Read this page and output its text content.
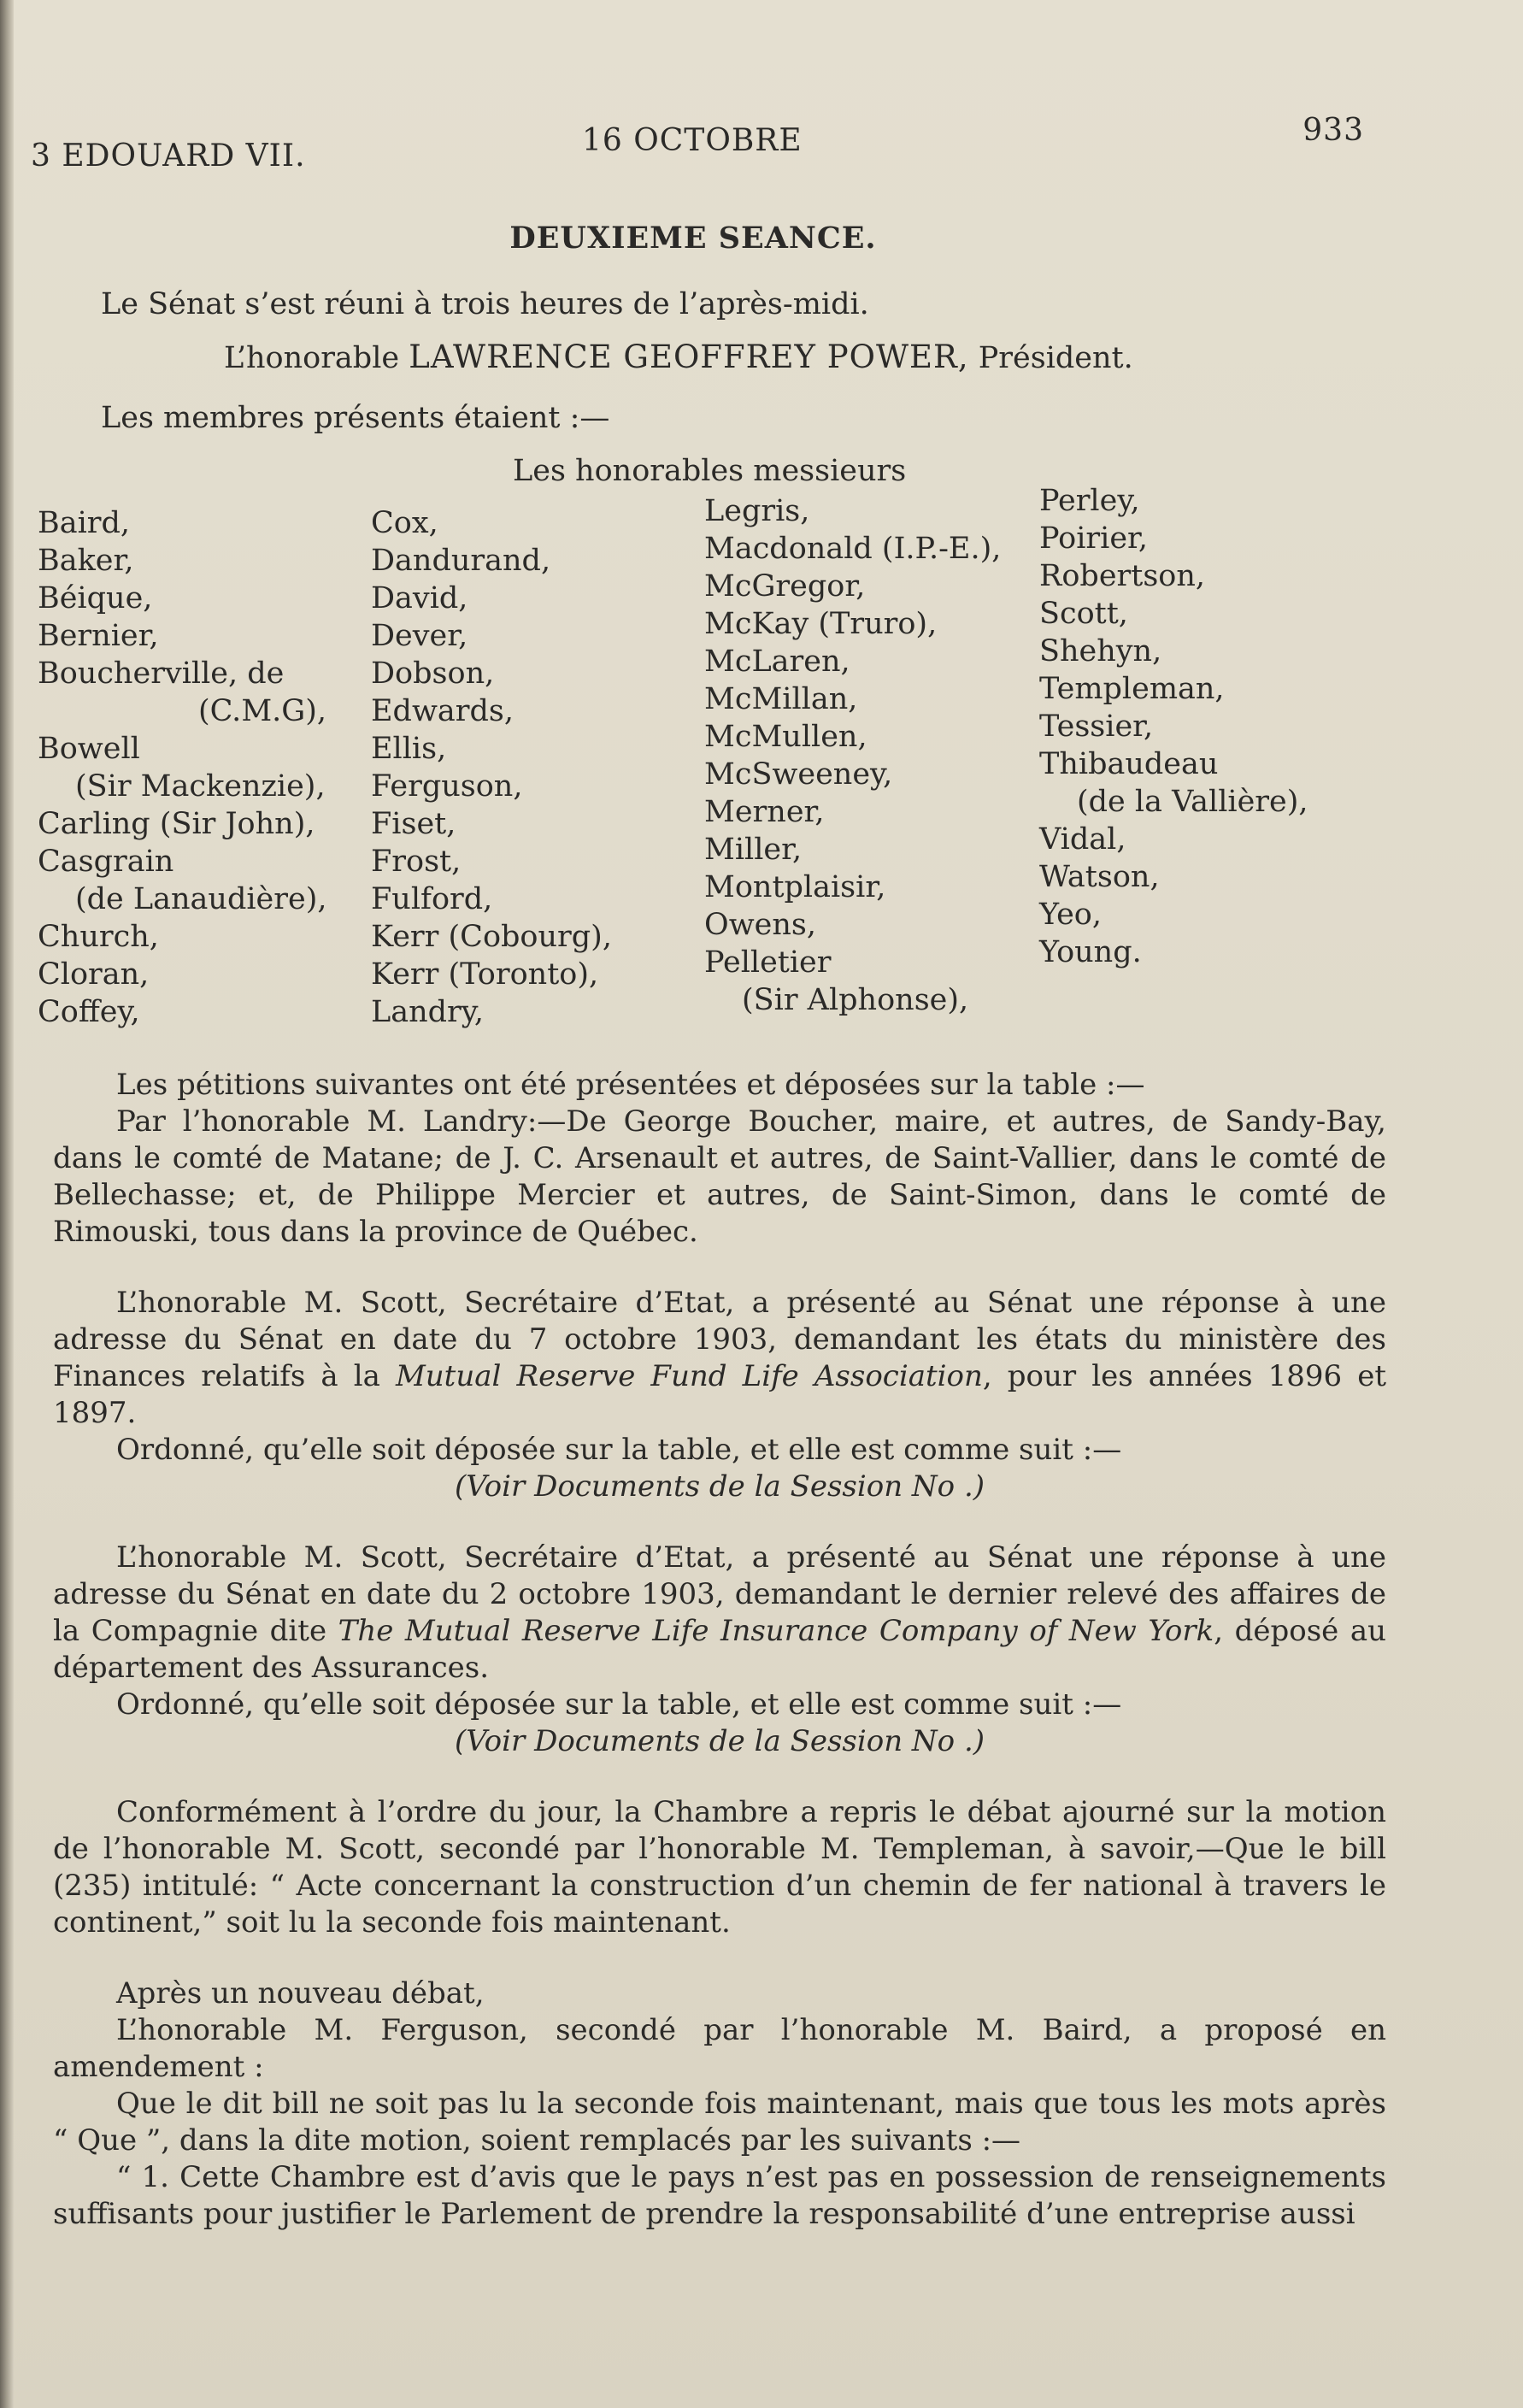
3 EDOUARD VII.	16 OCTOBRE	933
DEUXIEME SEANCE.
Le Sénat s’est réuni à trois heures de l’après-midi.
L’honorable LAWRENCE GEOFFREY POWER, Président.
Les membres présents étaient :—
Les honorables messieurs
Baird,
Baker,
Béique,
Bernier,
Boucherville, de
(C.M.G),
Bowell
(Sir Mackenzie),
Carling (Sir John),
Casgrain
(de Lanaudière),
Church,
Cloran,
Coffey,
Cox,
Dandurand,
David,
Dever,
Dobson,
Edwards,
Ellis,
Ferguson,
Fiset,
Frost,
Fulford,
Kerr (Cobourg),
Kerr (Toronto),
Landry,
Legris,
Macdonald (I.P.-E.),
McGregor,
McKay (Truro),
McLaren,
McMillan,
McMullen,
McSweeney,
Merner,
Miller,
Montplaisir,
Owens,
Pelletier
(Sir Alphonse),
Perley,
Poirier,
Robertson,
Scott,
Shehyn,
Templeman,
Tessier,
Thibaudeau
(de la Vallière),
Vidal,
Watson,
Yeo,
Young.

Les pétitions suivantes ont été présentées et déposées sur la table :—

Par l’honorable M. Landry:—De George Boucher, maire, et autres, de Sandy-Bay, dans le comté de Matane; de J. C. Arsenault et autres, de Saint-Vallier, dans le comté de Bellechasse; et, de Philippe Mercier et autres, de Saint-Simon, dans le comté de Rimouski, tous dans la province de Québec.

L’honorable M. Scott, Secrétaire d’Etat, a présenté au Sénat une réponse à une adresse du Sénat en date du 7 octobre 1903, demandant les états du ministère des Finances relatifs à la Mutual Reserve Fund Life Association, pour les années 1896 et 1897.

Ordonné, qu’elle soit déposée sur la table, et elle est comme suit :—

(Voir Documents de la Session No .)

L’honorable M. Scott, Secrétaire d’Etat, a présenté au Sénat une réponse à une adresse du Sénat en date du 2 octobre 1903, demandant le dernier relevé des affaires de la Compagnie dite The Mutual Reserve Life Insurance Company of New York, déposé au département des Assurances.

Ordonné, qu’elle soit déposée sur la table, et elle est comme suit :—

(Voir Documents de la Session No .)

Conformément à l’ordre du jour, la Chambre a repris le débat ajourné sur la motion de l’honorable M. Scott, secondé par l’honorable M. Templeman, à savoir,—Que le bill (235) intitulé: “ Acte concernant la construction d’un chemin de fer national à travers le continent,” soit lu la seconde fois maintenant.

Après un nouveau débat,

L’honorable M. Ferguson, secondé par l’honorable M. Baird, a proposé en amendement :

Que le dit bill ne soit pas lu la seconde fois maintenant, mais que tous les mots après “ Que ”, dans la dite motion, soient remplacés par les suivants :—

“ 1. Cette Chambre est d’avis que le pays n’est pas en possession de renseignements suffisants pour justifier le Parlement de prendre la responsabilité d’une entreprise aussi
